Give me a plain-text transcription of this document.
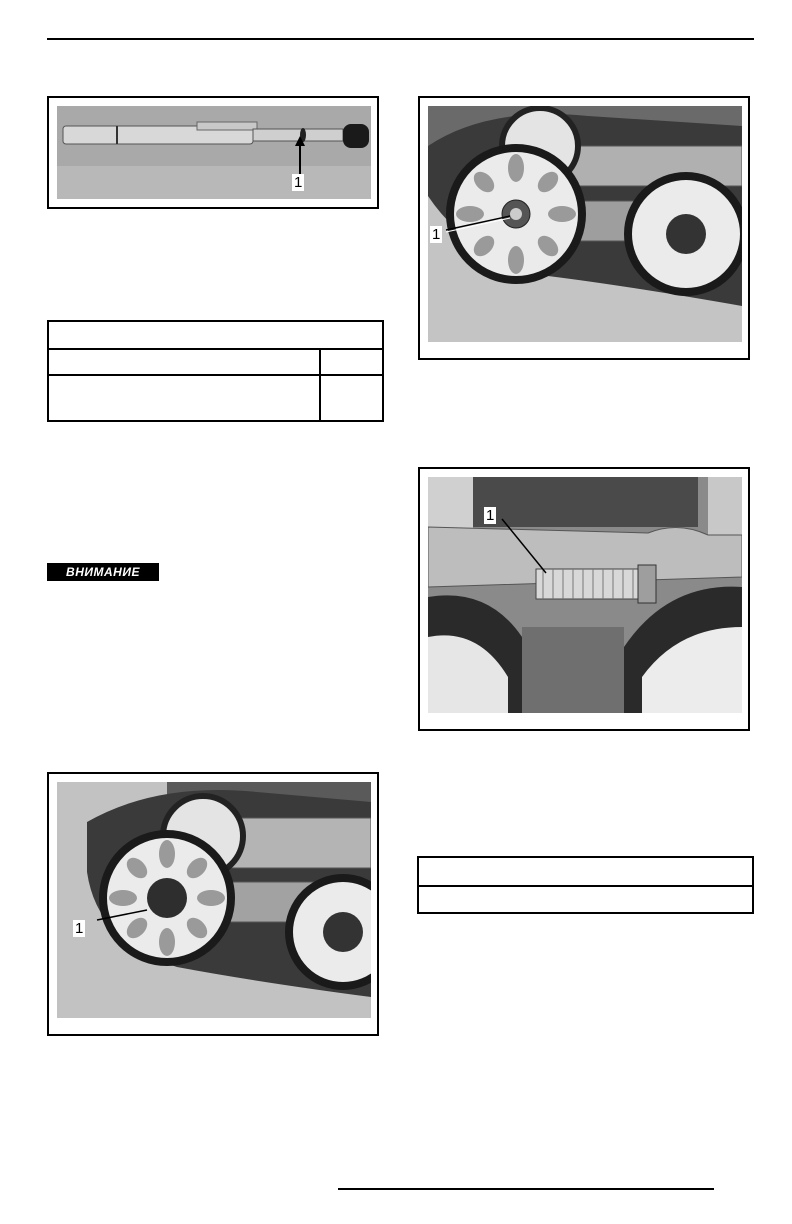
1

ВНИМАНИЕ
1
1

1
